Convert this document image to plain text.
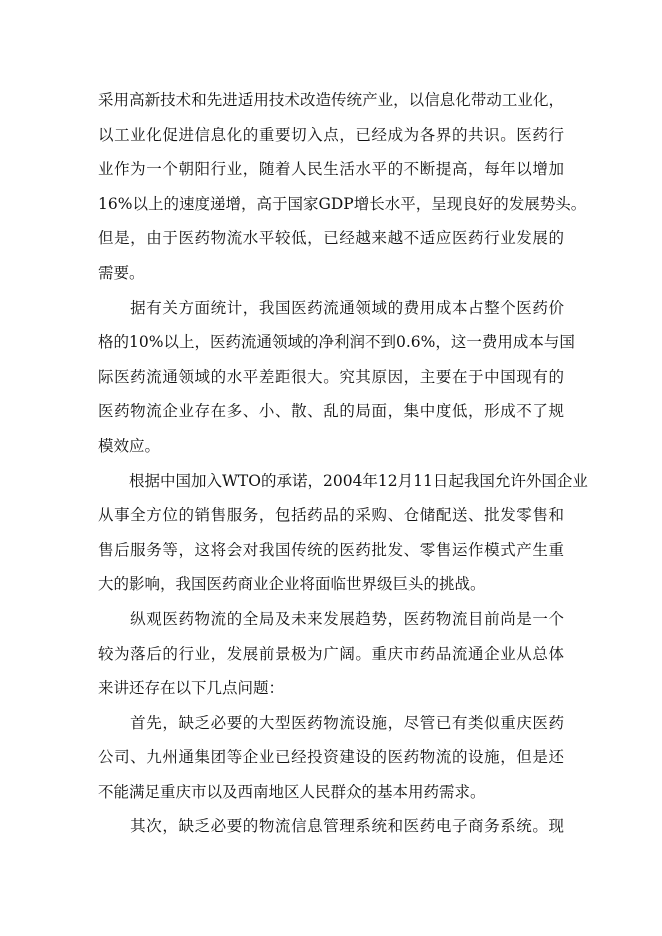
采用高新技术和先进适用技术改造传统产业，以信息化带动工业化，
以工业化促进信息化的重要切入点，已经成为各界的共识。医药行
业作为一个朝阳行业，随着人民生活水平的不断提高，每年以增加
16%以上的速度递增，高于国家GDP增长水平，呈现良好的发展势头。
但是，由于医药物流水平较低，已经越来越不适应医药行业发展的
需要。
　　据有关方面统计，我国医药流通领域的费用成本占整个医药价
格的10%以上，医药流通领域的净利润不到0.6%，这一费用成本与国
际医药流通领域的水平差距很大。究其原因，主要在于中国现有的
医药物流企业存在多、小、散、乱的局面，集中度低，形成不了规
模效应。
　　根据中国加入WTO的承诺，2004年12月11日起我国允许外国企业
从事全方位的销售服务，包括药品的采购、仓储配送、批发零售和
售后服务等，这将会对我国传统的医药批发、零售运作模式产生重
大的影响，我国医药商业企业将面临世界级巨头的挑战。
　　纵观医药物流的全局及未来发展趋势，医药物流目前尚是一个
较为落后的行业，发展前景极为广阔。重庆市药品流通企业从总体
来讲还存在以下几点问题：
　　首先，缺乏必要的大型医药物流设施，尽管已有类似重庆医药
公司、九州通集团等企业已经投资建设的医药物流的设施，但是还
不能满足重庆市以及西南地区人民群众的基本用药需求。
　　其次，缺乏必要的物流信息管理系统和医药电子商务系统。现
